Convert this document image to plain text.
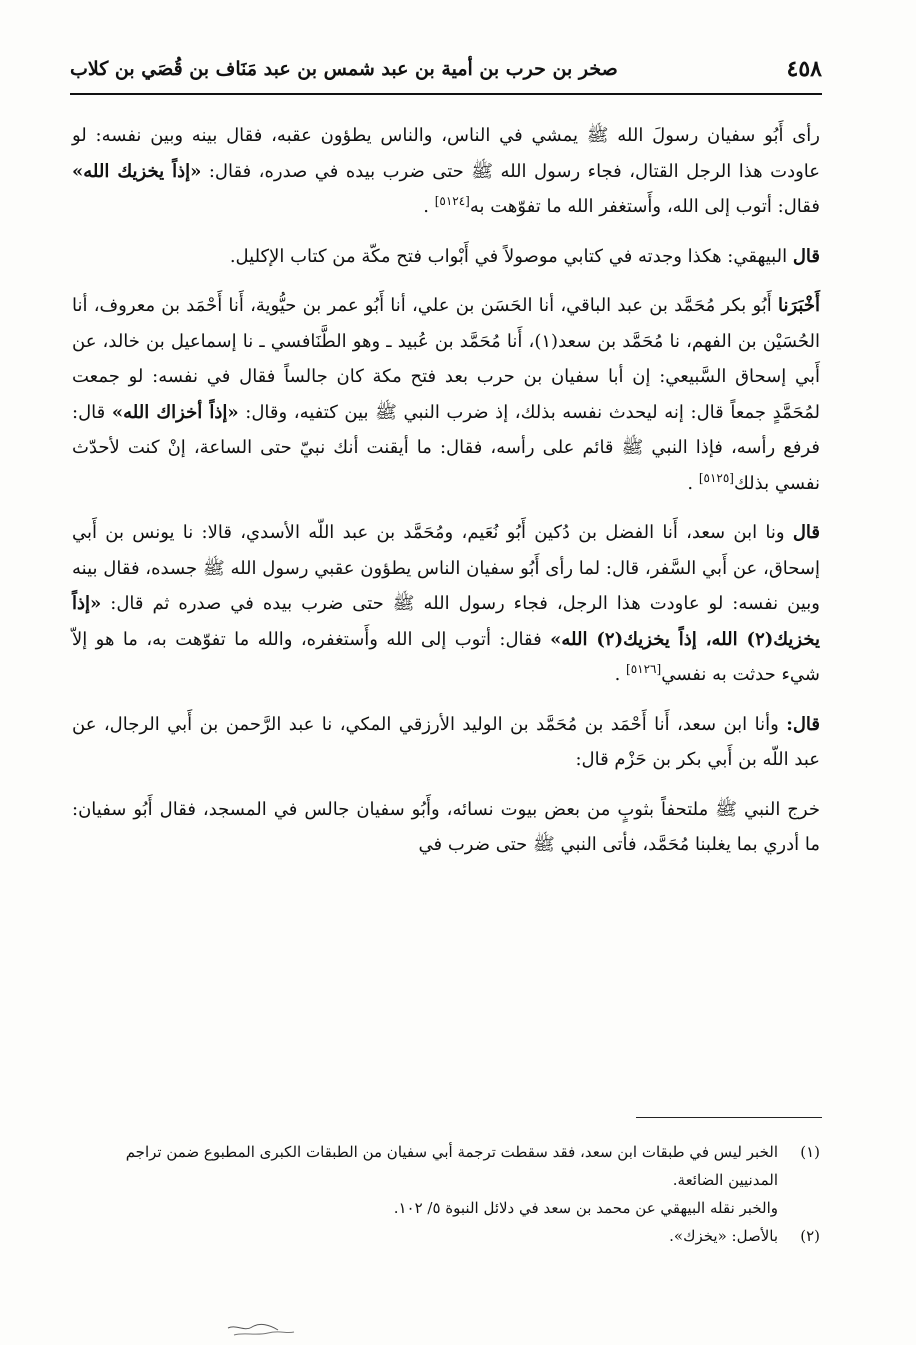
٤٥٨
صخر بن حرب بن أمية بن عبد شمس بن عبد مَنَاف بن قُصَي بن كلاب

رأى أَبُو سفيان رسولَ الله ﷺ يمشي في الناس، والناس يطؤون عقبه، فقال بينه وبين نفسه: لو عاودت هذا الرجل القتال، فجاء رسول الله ﷺ حتى ضرب بيده في صدره، فقال: «إذاً يخزيك الله» فقال: أتوب إلى الله، وأَستغفر الله ما تفوّهت به[٥١٢٤] .

قال البيهقي: هكذا وجدته في كتابي موصولاً في أَبْواب فتح مكّة من كتاب الإكليل.

أَخْبَرَنا أَبُو بكر مُحَمَّد بن عبد الباقي، أنا الحَسَن بن علي، أنا أَبُو عمر بن حيُّوية، أَنا أَحْمَد بن معروف، أنا الحُسَيْن بن الفهم، نا مُحَمَّد بن سعد(١)، أَنا مُحَمَّد بن عُبيد ـ وهو الطَّنَافسي ـ نا إسماعيل بن خالد، عن أَبي إسحاق السَّبيعي: إن أبا سفيان بن حرب بعد فتح مكة كان جالساً فقال في نفسه: لو جمعت لمُحَمَّدٍ جمعاً قال: إنه ليحدث نفسه بذلك، إذ ضرب النبي ﷺ بين كتفيه، وقال: «إذاً أخزاك الله» قال: فرفع رأسه، فإذا النبي ﷺ قائم على رأسه، فقال: ما أيقنت أنك نبيّ حتى الساعة، إنْ كنت لأحدّث نفسي بذلك[٥١٢٥] .

قال ونا ابن سعد، أَنا الفضل بن دُكين أَبُو نُعَيم، ومُحَمَّد بن عبد اللّه الأسدي، قالا: نا يونس بن أَبي إسحاق، عن أَبي السَّفر، قال: لما رأى أَبُو سفيان الناس يطؤون عقبي رسول الله ﷺ جسده، فقال بينه وبين نفسه: لو عاودت هذا الرجل، فجاء رسول الله ﷺ حتى ضرب بيده في صدره ثم قال: «إذاً يخزيك(٢) الله، إذاً يخزيك(٢) الله» فقال: أتوب إلى الله وأَستغفره، والله ما تفوّهت به، ما هو إلاّ شيء حدثت به نفسي[٥١٢٦] .

قال: وأنا ابن سعد، أَنا أَحْمَد بن مُحَمَّد بن الوليد الأرزقي المكي، نا عبد الرَّحمن بن أَبي الرجال، عن عبد اللّه بن أَبي بكر بن حَزْم قال:

خرج النبي ﷺ ملتحفاً بثوبٍ من بعض بيوت نسائه، وأَبُو سفيان جالس في المسجد، فقال أَبُو سفيان: ما أدري بما يغلبنا مُحَمَّد، فأتى النبي ﷺ حتى ضرب في

(١)
الخبر ليس في طبقات ابن سعد، فقد سقطت ترجمة أبي سفيان من الطبقات الكبرى المطبوع ضمن تراجم المدنيين الضائعة.
والخبر نقله البيهقي عن محمد بن سعد في دلائل النبوة ٥/ ١٠٢.
(٢)
بالأصل: «يخزك».
